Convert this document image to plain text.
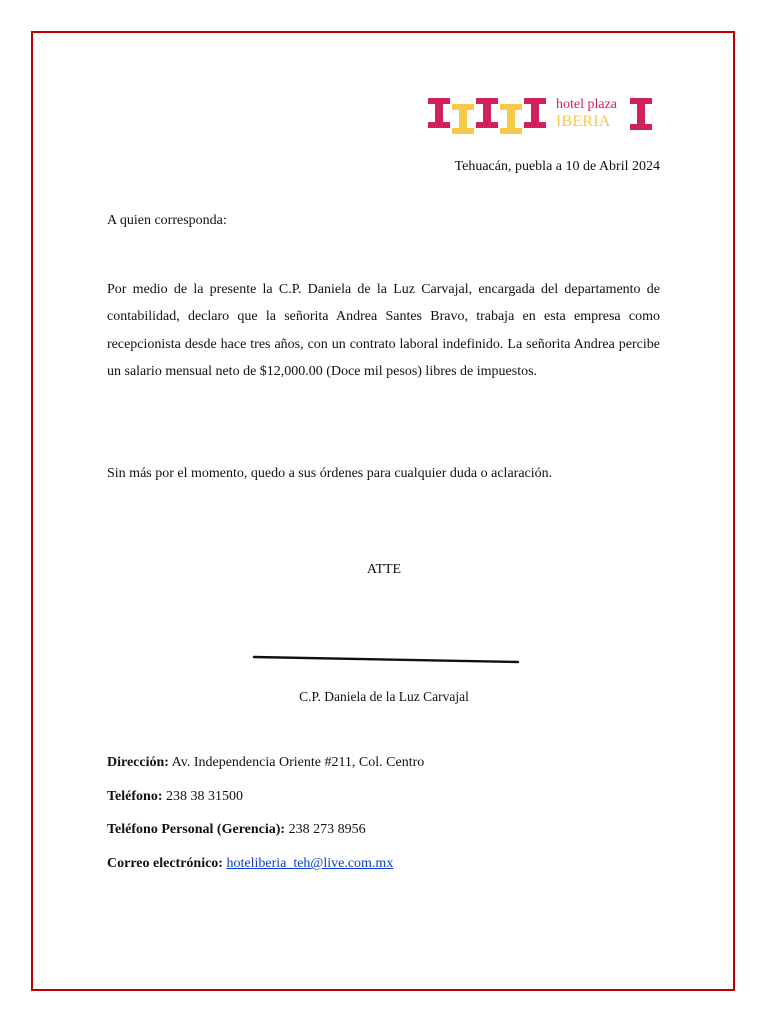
hotel plaza
IBERIA
Tehuacán, puebla a 10 de Abril 2024
A quien corresponda:
Por medio de la presente la C.P. Daniela de la Luz Carvajal, encargada del departamento de contabilidad, declaro que la señorita Andrea Santes Bravo, trabaja en esta empresa como recepcionista desde hace tres años, con un contrato laboral indefinido. La señorita Andrea percibe un salario mensual neto de $12,000.00 (Doce mil pesos) libres de impuestos.
Sin más por el momento, quedo a sus órdenes para cualquier duda o aclaración.
ATTE
C.P. Daniela de la Luz Carvajal
Dirección: Av. Independencia Oriente #211, Col. Centro
Teléfono: 238 38 31500
Teléfono Personal (Gerencia): 238 273 8956
Correo electrónico: hoteliberia_teh@live.com.mx
